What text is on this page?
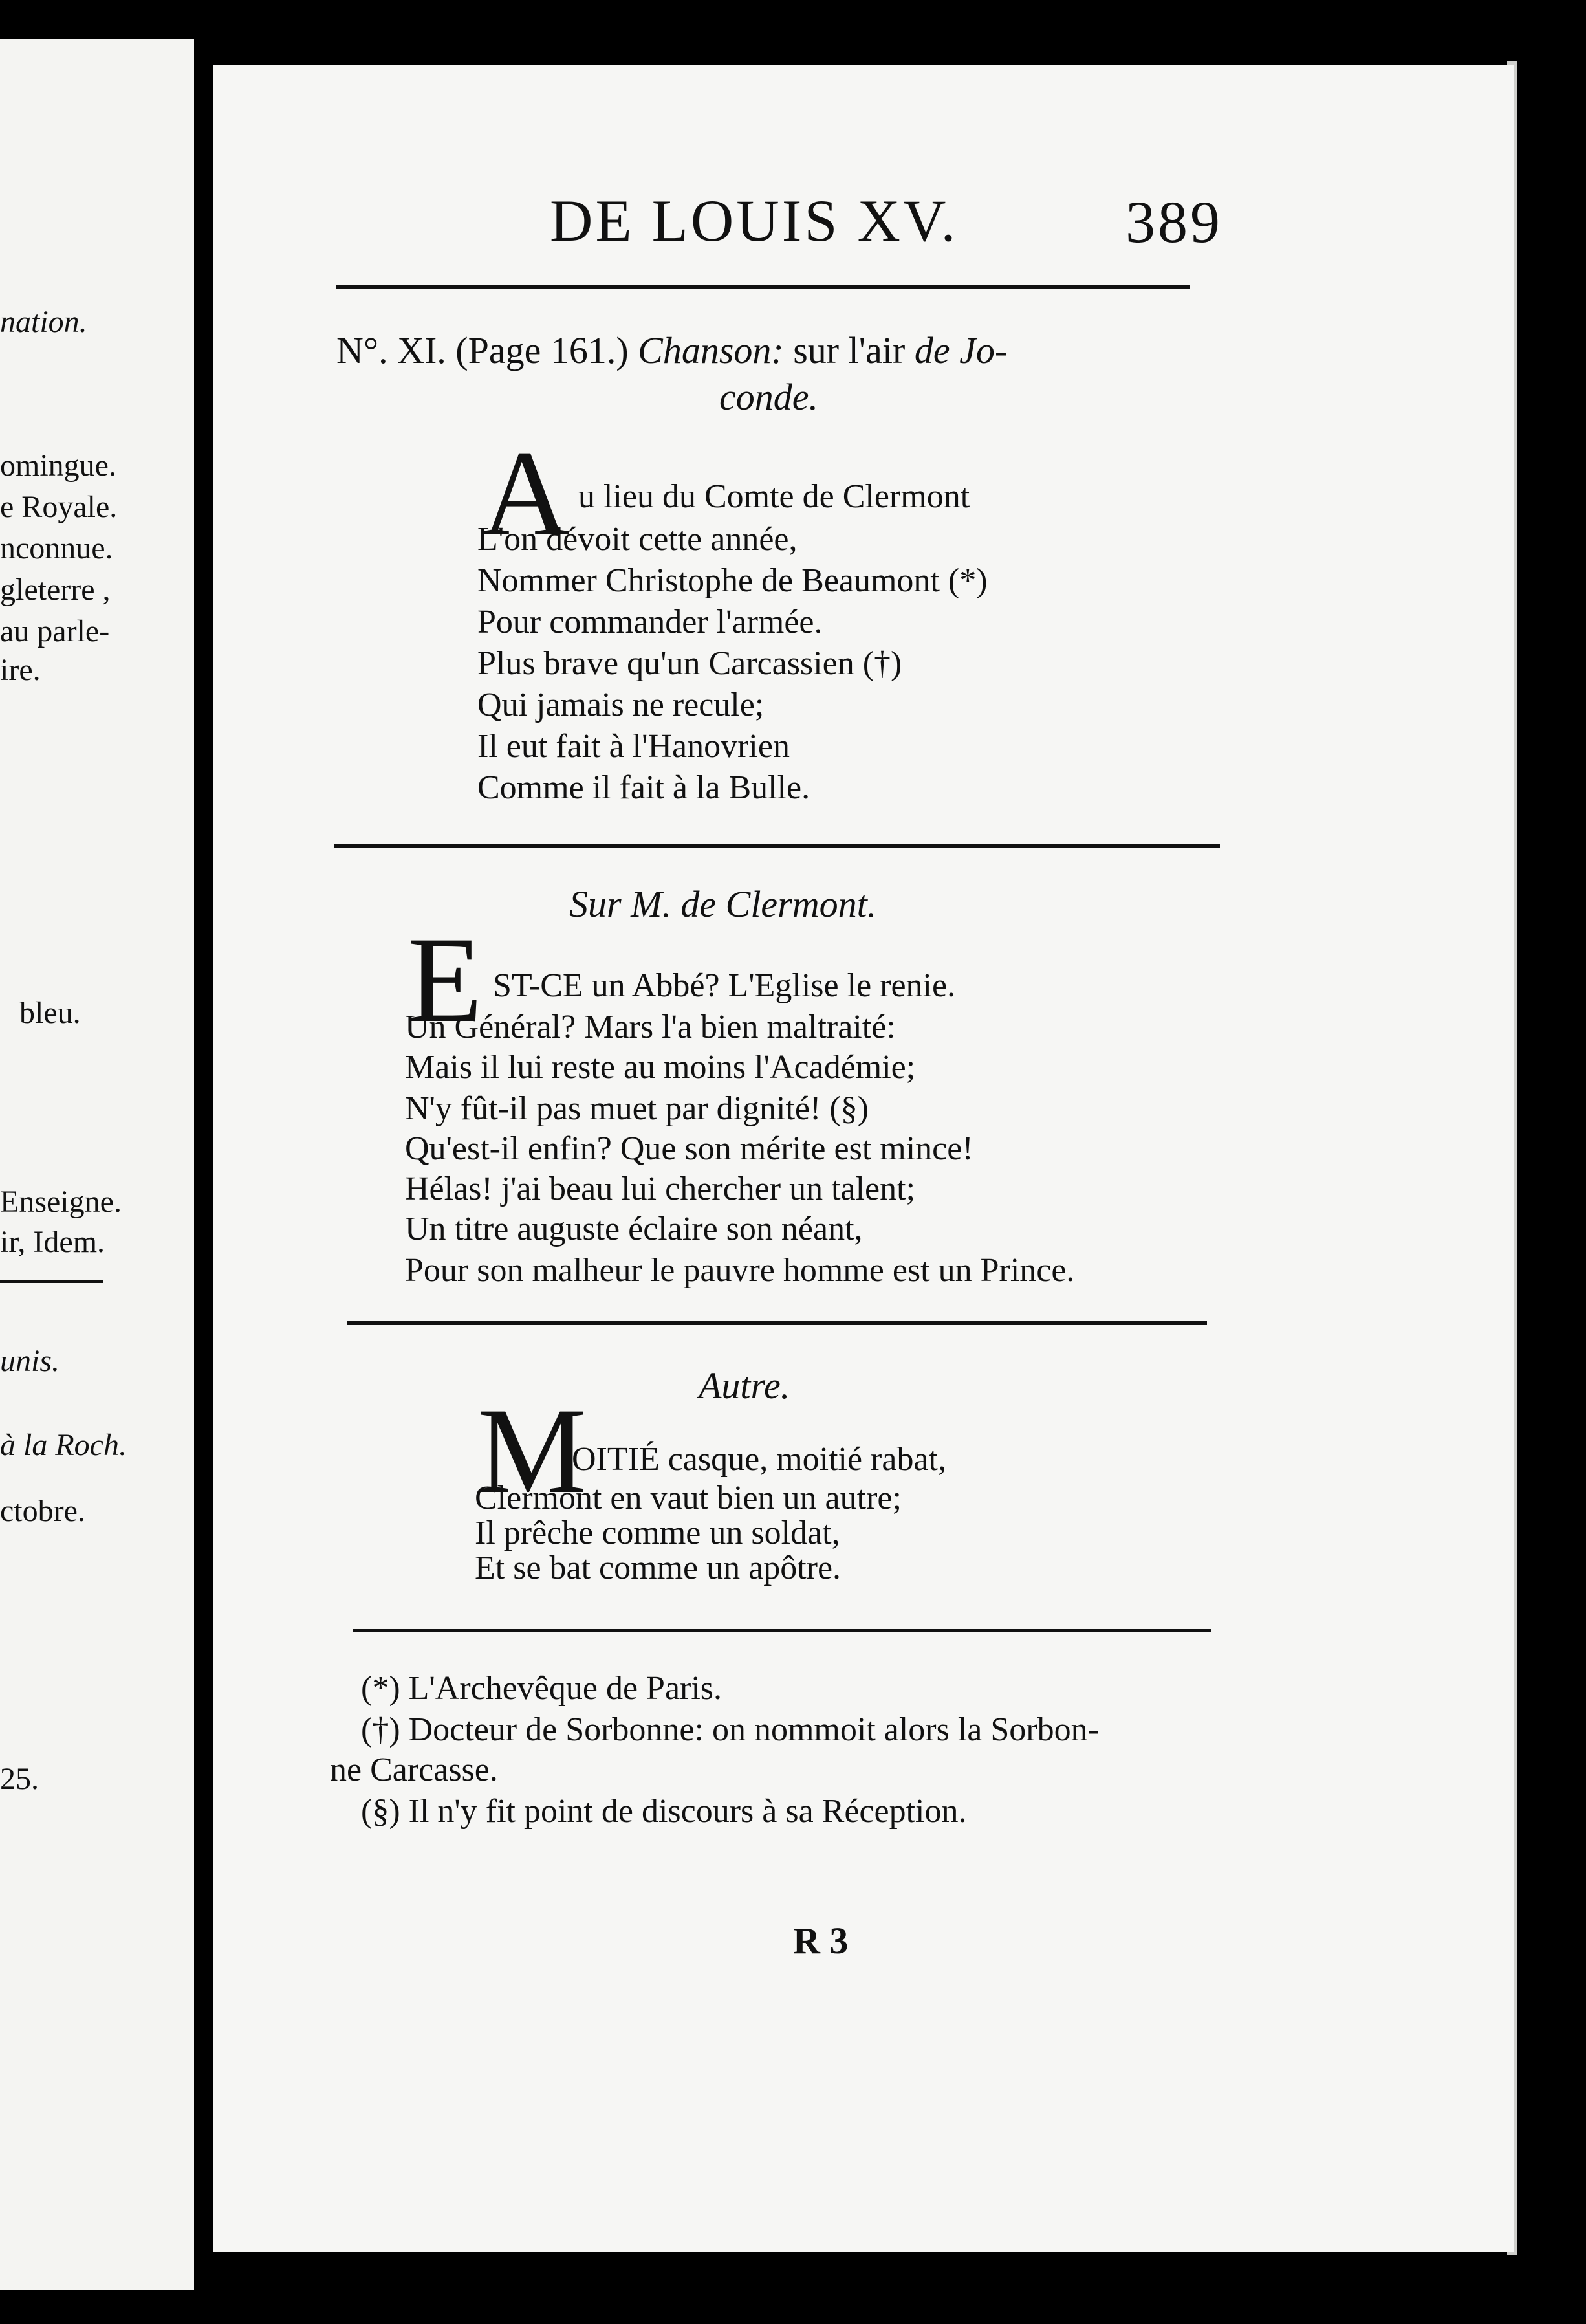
nation.
omingue.
e Royale.
nconnue.
gleterre ,
au parle-
ire.
bleu.
Enseigne.
ir, Idem.
unis.
à la Roch.
ctobre.
25.
DE LOUIS XV.	389
N°. XI. (Page 161.) Chanson: sur l'air de Jo-
conde.
A u lieu du Comte de Clermont
L'on dévoit cette année,
Nommer Christophe de Beaumont (*)
Pour commander l'armée.
Plus brave qu'un Carcassien (†)
Qui jamais ne recule;
Il eut fait à l'Hanovrien
Comme il fait à la Bulle.
Sur M. de Clermont.
E ST-CE un Abbé? L'Eglise le renie.
Un Général? Mars l'a bien maltraité:
Mais il lui reste au moins l'Académie;
N'y fût-il pas muet par dignité! (§)
Qu'est-il enfin? Que son mérite est mince!
Hélas! j'ai beau lui chercher un talent;
Un titre auguste éclaire son néant,
Pour son malheur le pauvre homme est un Prince.
Autre.
M
OITIÉ casque, moitié rabat,
Clermont en vaut bien un autre;
Il prêche comme un soldat,
Et se bat comme un apôtre.
(*) L'Archevêque de Paris.
(†) Docteur de Sorbonne: on nommoit alors la Sorbon-
ne Carcasse.
(§) Il n'y fit point de discours à sa Réception.
R 3
